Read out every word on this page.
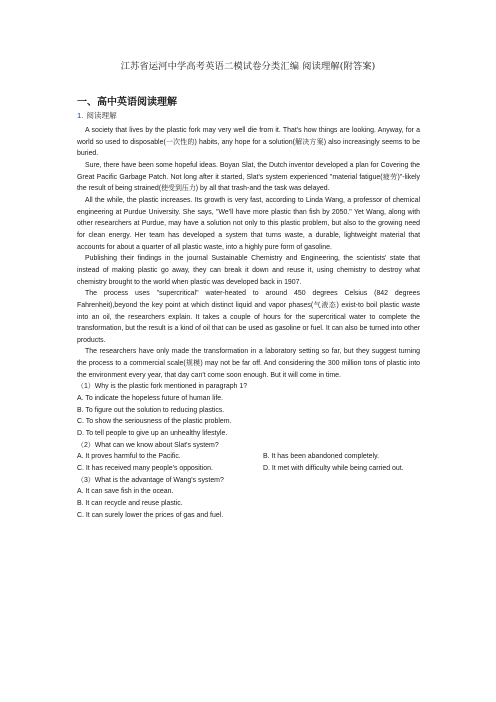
江苏省运河中学高考英语二模试卷分类汇编 阅读理解(附答案)
一、高中英语阅读理解
1. 阅读理解

A society that lives by the plastic fork may very well die from it. That's how things are looking. Anyway, for a world so used to disposable(一次性的) habits, any hope for a solution(解决方案) also increasingly seems to be buried.

Sure, there have been some hopeful ideas. Boyan Slat, the Dutch inventor developed a plan for Covering the Great Pacific Garbage Patch. Not long after it started, Slat's system experienced "material fatigue(疲劳)"-likely the result of being strained(使受到压力) by all that trash-and the task was delayed.

All the while, the plastic increases. Its growth is very fast, according to Linda Wang, a professor of chemical engineering at Purdue University. She says, "We'll have more plastic than fish by 2050." Yet Wang, along with other researchers at Purdue, may have a solution not only to this plastic problem, but also to the growing need for clean energy. Her team has developed a system that turns waste, a durable, lightweight material that accounts for about a quarter of all plastic waste, into a highly pure form of gasoline.

Publishing their findings in the journal Sustainable Chemistry and Engineering, the scientists' state that instead of making plastic go away, they can break it down and reuse it, using chemistry to destroy what chemistry brought to the world when plastic was developed back in 1907.

The process uses "supercritical" water-heated to around 450 degrees Celsius (842 degrees Fahrenheit),beyond the key point at which distinct liquid and vapor phases(气液态) exist-to boil plastic waste into an oil, the researchers explain. It takes a couple of hours for the supercritical water to complete the transformation, but the result is a kind of oil that can be used as gasoline or fuel. It can also be turned into other products.

The researchers have only made the transformation in a laboratory setting so far, but they suggest turning the process to a commercial scale(规模) may not be far off. And considering the 300 million tons of plastic into the environment every year, that day can't come soon enough. But it will come in time.

（1）Why is the plastic fork mentioned in paragraph 1?

A. To indicate the hopeless future of human life.

B. To figure out the solution to reducing plastics.

C. To show the seriousness of the plastic problem.

D. To tell people to give up an unhealthy lifestyle.

（2）What can we know about Slat's system?

A. It proves harmful to the Pacific.	B. It has been abandoned completely.
C. It has received many people's opposition.	D. It met with difficulty while being carried out.

（3）What is the advantage of Wang's system?

A. It can save fish in the ocean.

B. It can recycle and reuse plastic.

C. It can surely lower the prices of gas and fuel.
